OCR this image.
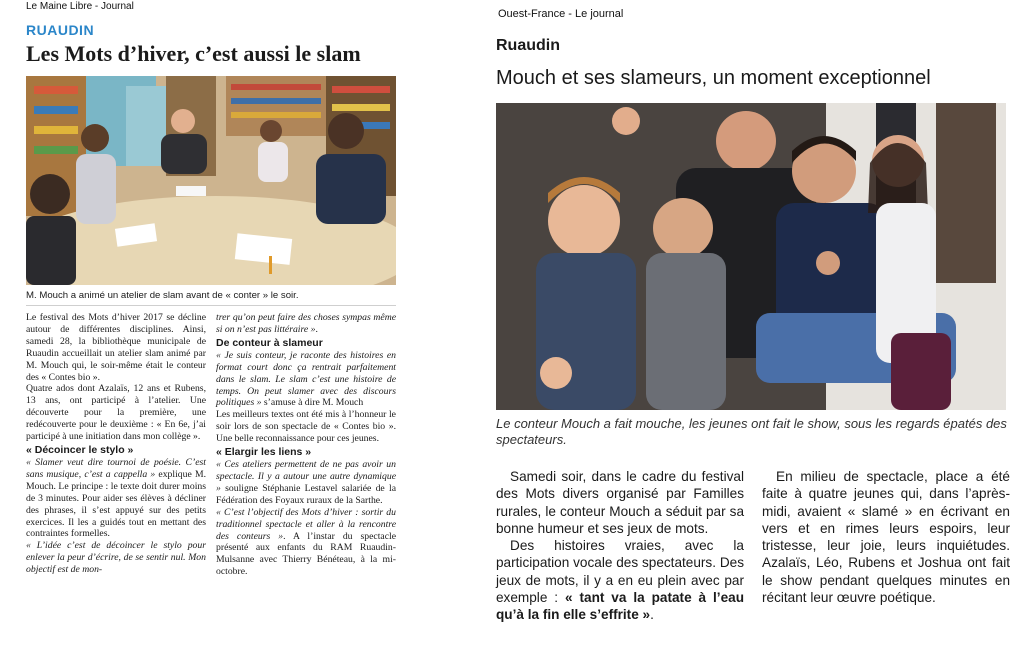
Le Maine Libre - Journal
RUAUDIN
Les Mots d’hiver, c’est aussi le slam
M. Mouch a animé un atelier de slam avant de « conter » le soir.

Le festival des Mots d’hiver 2017 se décline autour de différentes disciplines. Ainsi, samedi 28, la bibliothèque municipale de Ruaudin accueillait un atelier slam animé par M. Mouch qui, le soir-même était le conteur des « Contes bio ».

Quatre ados dont Azalaïs, 12 ans et Rubens, 13 ans, ont participé à l’atelier. Une découverte pour la première, une redécouverte pour le deuxième : « En 6e, j’ai participé à une initiation dans mon collège ».

« Décoincer le stylo »

« Slamer veut dire tournoi de poésie. C’est sans musique, c’est a cappella » explique M. Mouch. Le principe : le texte doit durer moins de 3 minutes. Pour aider ses élèves à décliner des phrases, il s’est appuyé sur des petits exercices. Il les a guidés tout en mettant des contraintes formelles.

« L’idée c’est de décoincer le stylo pour enlever la peur d’écrire, de se sentir nul. Mon objectif est de mon-

trer qu’on peut faire des choses sympas même si on n’est pas littéraire ».

De conteur à slameur

« Je suis conteur, je raconte des histoires en format court donc ça rentrait parfaitement dans le slam. Le slam c’est une histoire de temps. On peut slamer avec des discours politiques » s’amuse à dire M. Mouch

Les meilleurs textes ont été mis à l’honneur le soir lors de son spectacle de « Contes bio ». Une belle reconnaissance pour ces jeunes.

« Elargir les liens »

« Ces ateliers permettent de ne pas avoir un spectacle. Il y a autour une autre dynamique » souligne Stéphanie Lestavel salariée de la Fédération des Foyaux ruraux de la Sarthe.

« C’est l’objectif des Mots d’hiver : sortir du traditionnel spectacle et aller à la rencontre des conteurs ». A l’instar du spectacle présenté aux enfants du RAM Ruaudin-Mulsanne avec Thierry Bénéteau, à la mi-octobre.

Ouest-France - Le journal
Ruaudin
Mouch et ses slameurs, un moment exceptionnel
Le conteur Mouch a fait mouche, les jeunes ont fait le show, sous les regards épatés des spectateurs.

Samedi soir, dans le cadre du festival des Mots divers organisé par Familles rurales, le conteur Mouch a séduit par sa bonne humeur et ses jeux de mots.

Des histoires vraies, avec la participation vocale des spectateurs. Des jeux de mots, il y a en eu plein avec par exemple : « tant va la patate à l’eau qu’à la fin elle s’effrite ».

En milieu de spectacle, place a été faite à quatre jeunes qui, dans l’après-midi, avaient « slamé » en écrivant en vers et en rimes leurs espoirs, leur tristesse, leur joie, leurs inquiétudes. Azalaïs, Léo, Rubens et Joshua ont fait le show pendant quelques minutes en récitant leur œuvre poétique.
